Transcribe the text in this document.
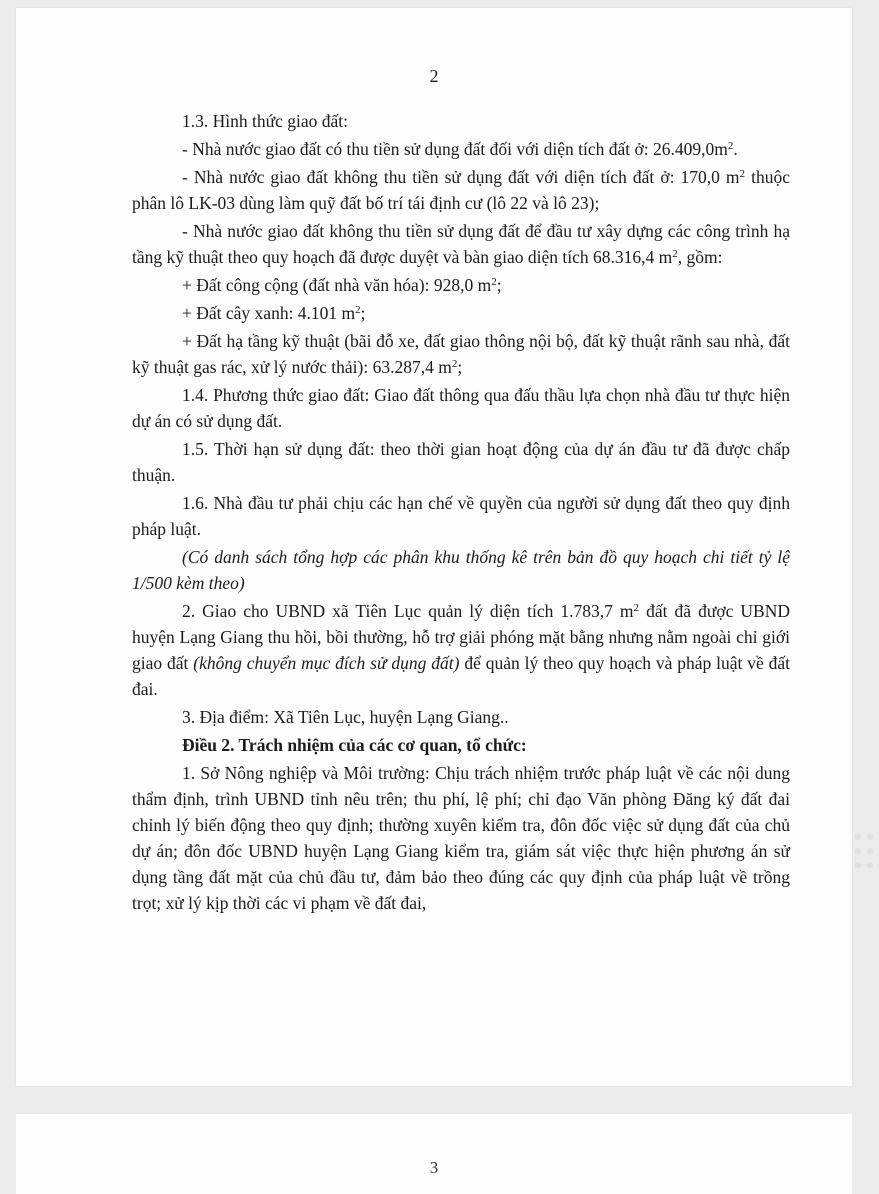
2

1.3. Hình thức giao đất:

- Nhà nước giao đất có thu tiền sử dụng đất đối với diện tích đất ở: $26.409,0m^2$.

- Nhà nước giao đất không thu tiền sử dụng đất với diện tích đất ở: 170,0 $m^2$ thuộc phân lô LK-03 dùng làm quỹ đất bố trí tái định cư (lô 22 và lô 23);

- Nhà nước giao đất không thu tiền sử dụng đất để đầu tư xây dựng các công trình hạ tầng kỹ thuật theo quy hoạch đã được duyệt và bàn giao diện tích 68.316,4 $m^2$, gồm:

+ Đất công cộng (đất nhà văn hóa): 928,0 $m^2$;

+ Đất cây xanh: 4.101 $m^2$;

+ Đất hạ tầng kỹ thuật (bãi đỗ xe, đất giao thông nội bộ, đất kỹ thuật rãnh sau nhà, đất kỹ thuật gas rác, xử lý nước thải): 63.287,4 $m^2$;

1.4. Phương thức giao đất: Giao đất thông qua đấu thầu lựa chọn nhà đầu tư thực hiện dự án có sử dụng đất.

1.5. Thời hạn sử dụng đất: theo thời gian hoạt động của dự án đầu tư đã được chấp thuận.

1.6. Nhà đầu tư phải chịu các hạn chế về quyền của người sử dụng đất theo quy định pháp luật.

(Có danh sách tổng hợp các phân khu thống kê trên bản đồ quy hoạch chi tiết tỷ lệ 1/500 kèm theo)

2. Giao cho UBND xã Tiên Lục quản lý diện tích 1.783,7 $m^2$ đất đã được UBND huyện Lạng Giang thu hồi, bồi thường, hỗ trợ giải phóng mặt bằng nhưng nằm ngoài chỉ giới giao đất (không chuyển mục đích sử dụng đất) để quản lý theo quy hoạch và pháp luật về đất đai.

3. Địa điểm: Xã Tiên Lục, huyện Lạng Giang..

Điều 2. Trách nhiệm của các cơ quan, tổ chức:

1. Sở Nông nghiệp và Môi trường: Chịu trách nhiệm trước pháp luật về các nội dung thẩm định, trình UBND tỉnh nêu trên; thu phí, lệ phí; chỉ đạo Văn phòng Đăng ký đất đai chỉnh lý biến động theo quy định; thường xuyên kiểm tra, đôn đốc việc sử dụng đất của chủ dự án; đôn đốc UBND huyện Lạng Giang kiểm tra, giám sát việc thực hiện phương án sử dụng tầng đất mặt của chủ đầu tư, đảm bảo theo đúng các quy định của pháp luật về trồng trọt; xử lý kịp thời các vi phạm về đất đai,

3
